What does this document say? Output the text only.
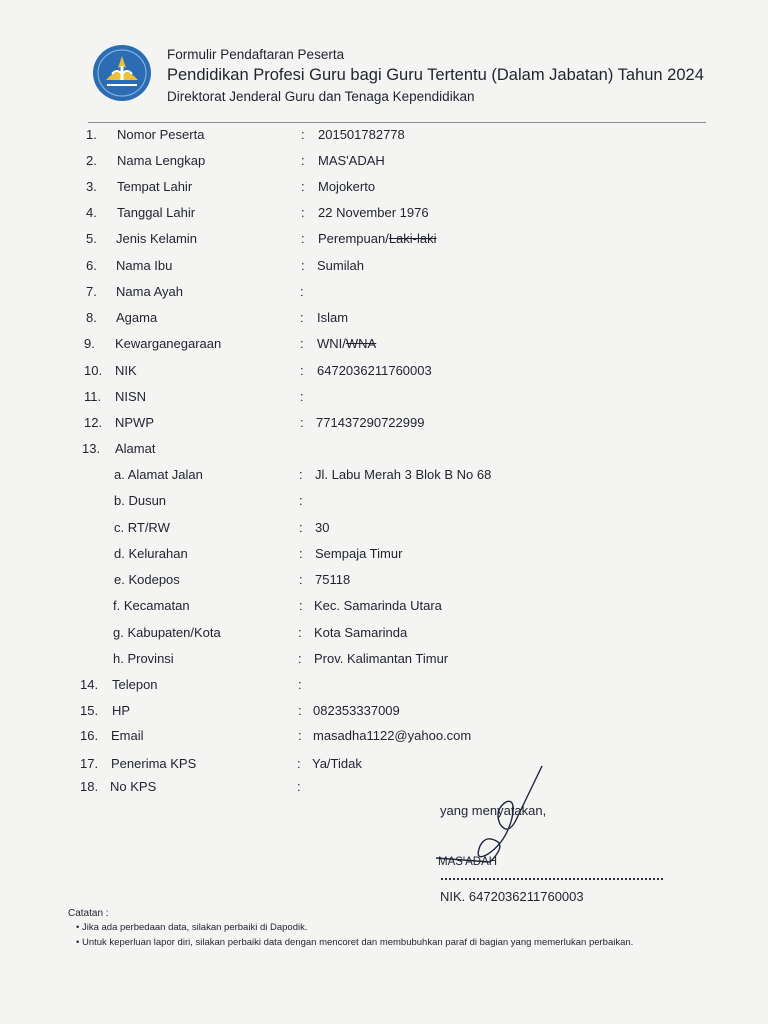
Formulir Pendaftaran Peserta
Pendidikan Profesi Guru bagi Guru Tertentu (Dalam Jabatan) Tahun 2024
Direktorat Jenderal Guru dan Tenaga Kependidikan
1.	Nomor Peserta	: 201501782778
2.	Nama Lengkap	: MAS'ADAH
3.	Tempat Lahir	: Mojokerto
4.	Tanggal Lahir	: 22 November 1976
5.	Jenis Kelamin	: Perempuan/Laki-laki
6.	Nama Ibu	: Sumilah
7.	Nama Ayah	:
8.	Agama	: Islam
9.	Kewarganegaraan	: WNI/WNA
10. NIK	: 6472036211760003
11.	NISN	:
12. NPWP	: 771437290722999
13.	Alamat
a. Alamat Jalan	: Jl. Labu Merah 3 Blok B No 68
b. Dusun	:
c. RT/RW	: 30
d. Kelurahan	: Sempaja Timur
e. Kodepos	: 75118
f. Kecamatan	: Kec. Samarinda Utara
g. Kabupaten/Kota	: Kota Samarinda
h. Provinsi	: Prov. Kalimantan Timur
14.	Telepon	:
15.	HP	: 082353337009
16. Email	: masadha1122@yahoo.com
17. Penerima KPS	: Ya/Tidak
18. No KPS	:
yang menyatakan,
MAS'ADAH
NIK. 6472036211760003
Catatan :
• Jika ada perbedaan data, silakan perbaiki di Dapodik.
• Untuk keperluan lapor diri, silakan perbaiki data dengan mencoret dan membubuhkan paraf di bagian yang memerlukan perbaikan.
